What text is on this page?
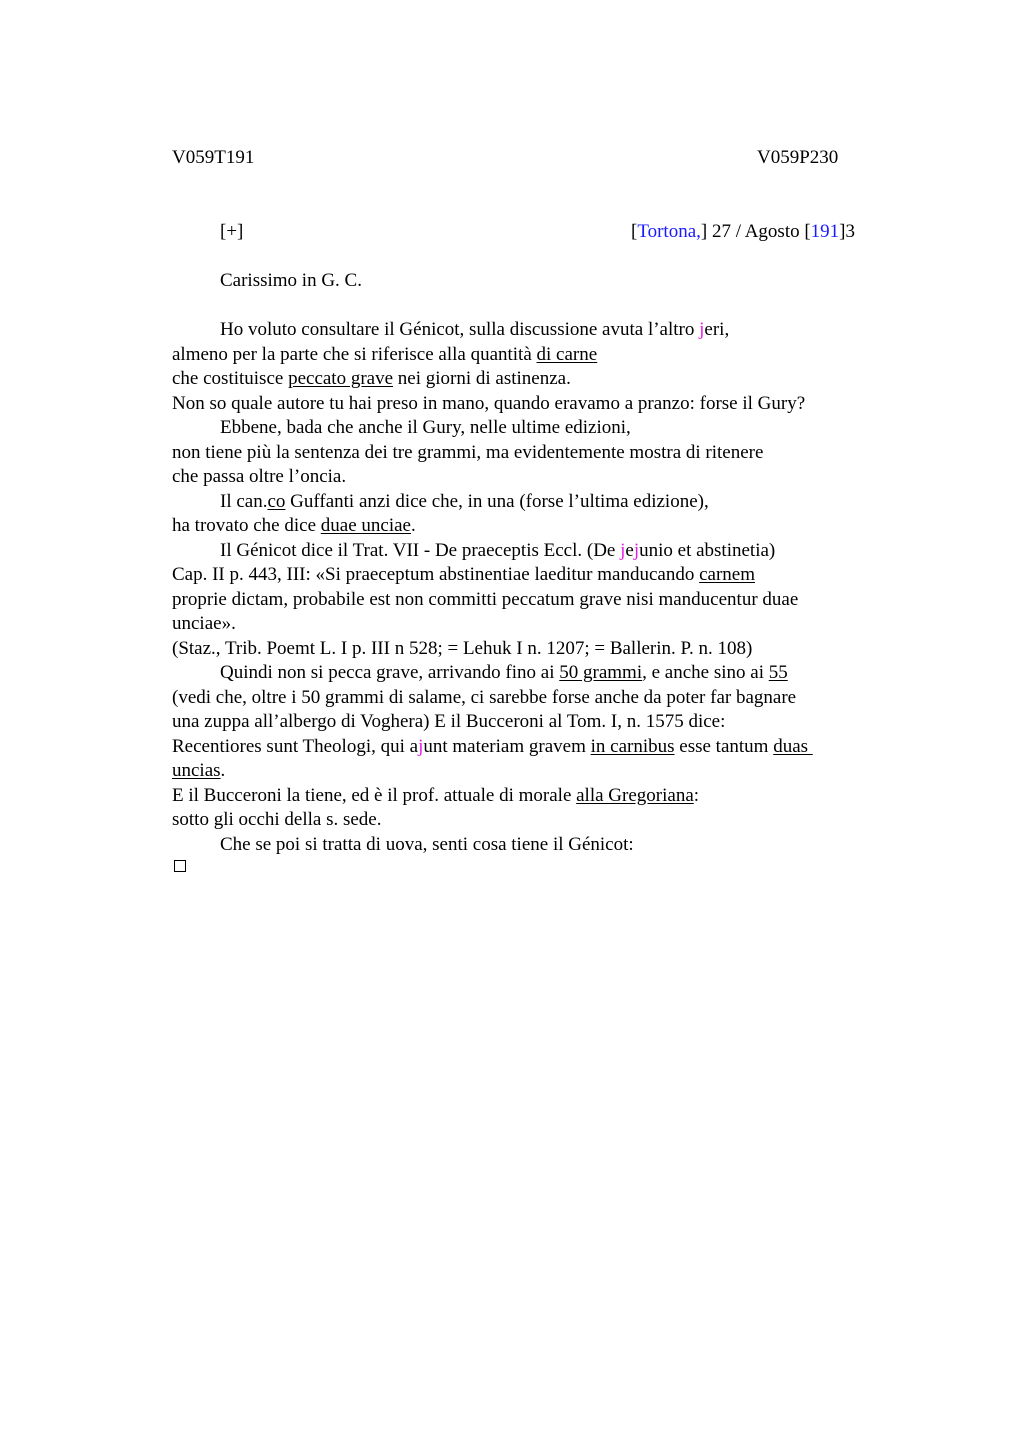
V059T191	V059P230
[+]	[Tortona,] 27 / Agosto [191]3
Carissimo in G. C.
Ho voluto consultare il Génicot, sulla discussione avuta l’altro jeri,
almeno per la parte che si riferisce alla quantità di carne
che costituisce peccato grave nei giorni di astinenza.
Non so quale autore tu hai preso in mano, quando eravamo a pranzo: forse il Gury?
Ebbene, bada che anche il Gury, nelle ultime edizioni,
non tiene più la sentenza dei tre grammi, ma evidentemente mostra di ritenere
che passa oltre l’oncia.
Il can.co Guffanti anzi dice che, in una (forse l’ultima edizione),
ha trovato che dice duae unciae.
Il Génicot dice il Trat. VII - De praeceptis Eccl. (De jejunio et abstinetia)
Cap. II p. 443, III: «Si praeceptum abstinentiae laeditur manducando carnem
proprie dictam, probabile est non committi peccatum grave nisi manducentur duae
unciae».
(Staz., Trib. Poemt L. I p. III n 528; = Lehuk I n. 1207; = Ballerin. P. n. 108)
Quindi non si pecca grave, arrivando fino ai 50 grammi, e anche sino ai 55
(vedi che, oltre i 50 grammi di salame, ci sarebbe forse anche da poter far bagnare
una zuppa all’albergo di Voghera) E il Bucceroni al Tom. I, n. 1575 dice:
Recentiores sunt Theologi, qui ajunt materiam gravem in carnibus esse tantum duas
uncias.
E il Bucceroni la tiene, ed è il prof. attuale di morale alla Gregoriana:
sotto gli occhi della s. sede.
Che se poi si tratta di uova, senti cosa tiene il Génicot:
